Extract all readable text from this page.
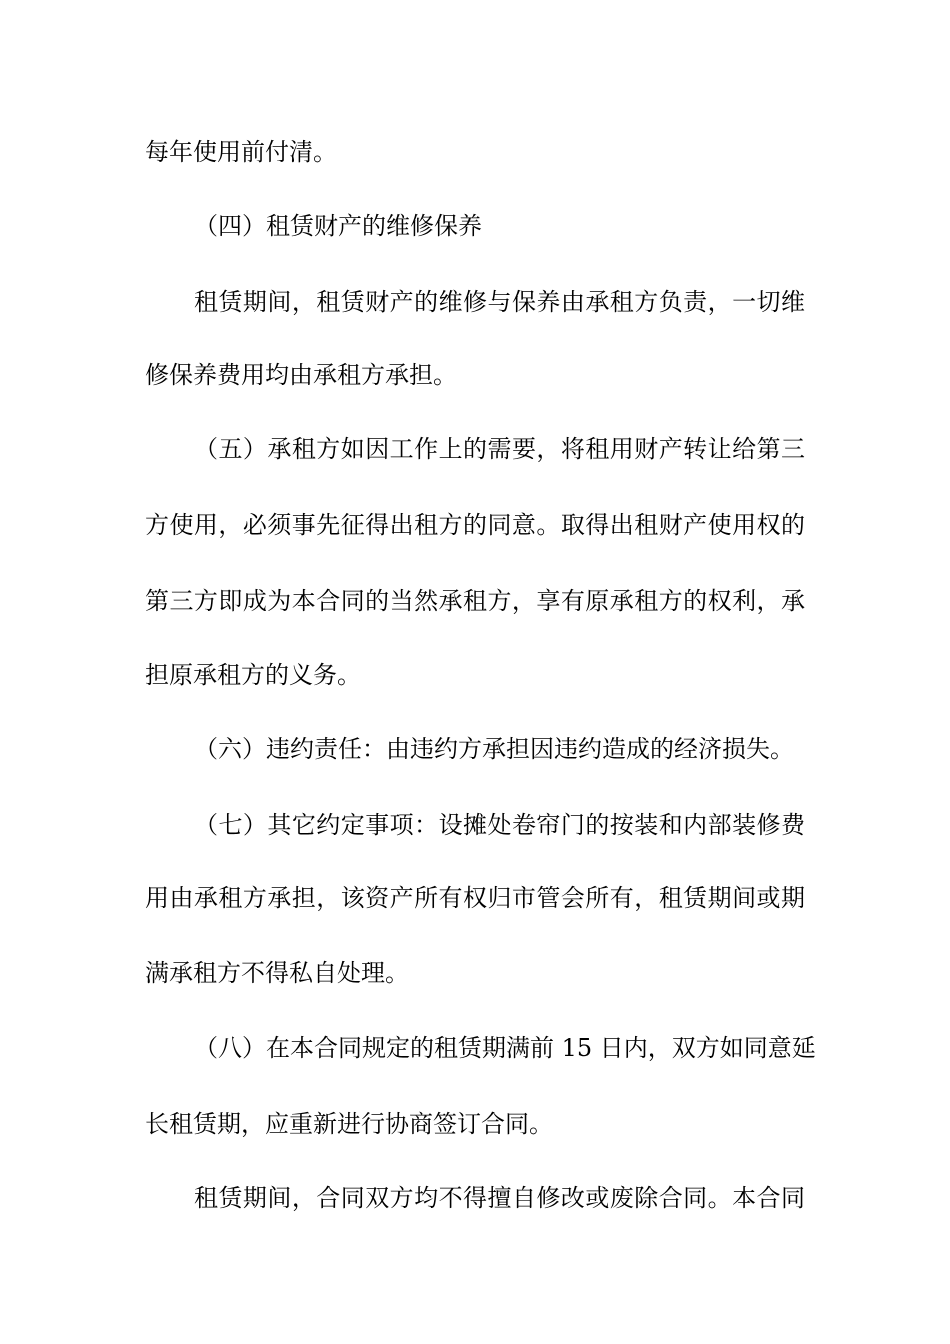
每年使用前付清。
（四）租赁财产的维修保养
租赁期间，租赁财产的维修与保养由承租方负责，一切维
修保养费用均由承租方承担。
（五）承租方如因工作上的需要，将租用财产转让给第三
方使用，必须事先征得出租方的同意。取得出租财产使用权的
第三方即成为本合同的当然承租方，享有原承租方的权利，承
担原承租方的义务。
（六）违约责任：由违约方承担因违约造成的经济损失。
（七）其它约定事项：设摊处卷帘门的按装和内部装修费
用由承租方承担，该资产所有权归市管会所有，租赁期间或期
满承租方不得私自处理。
（八）在本合同规定的租赁期满前 15 日内，双方如同意延
长租赁期，应重新进行协商签订合同。
租赁期间，合同双方均不得擅自修改或废除合同。本合同
